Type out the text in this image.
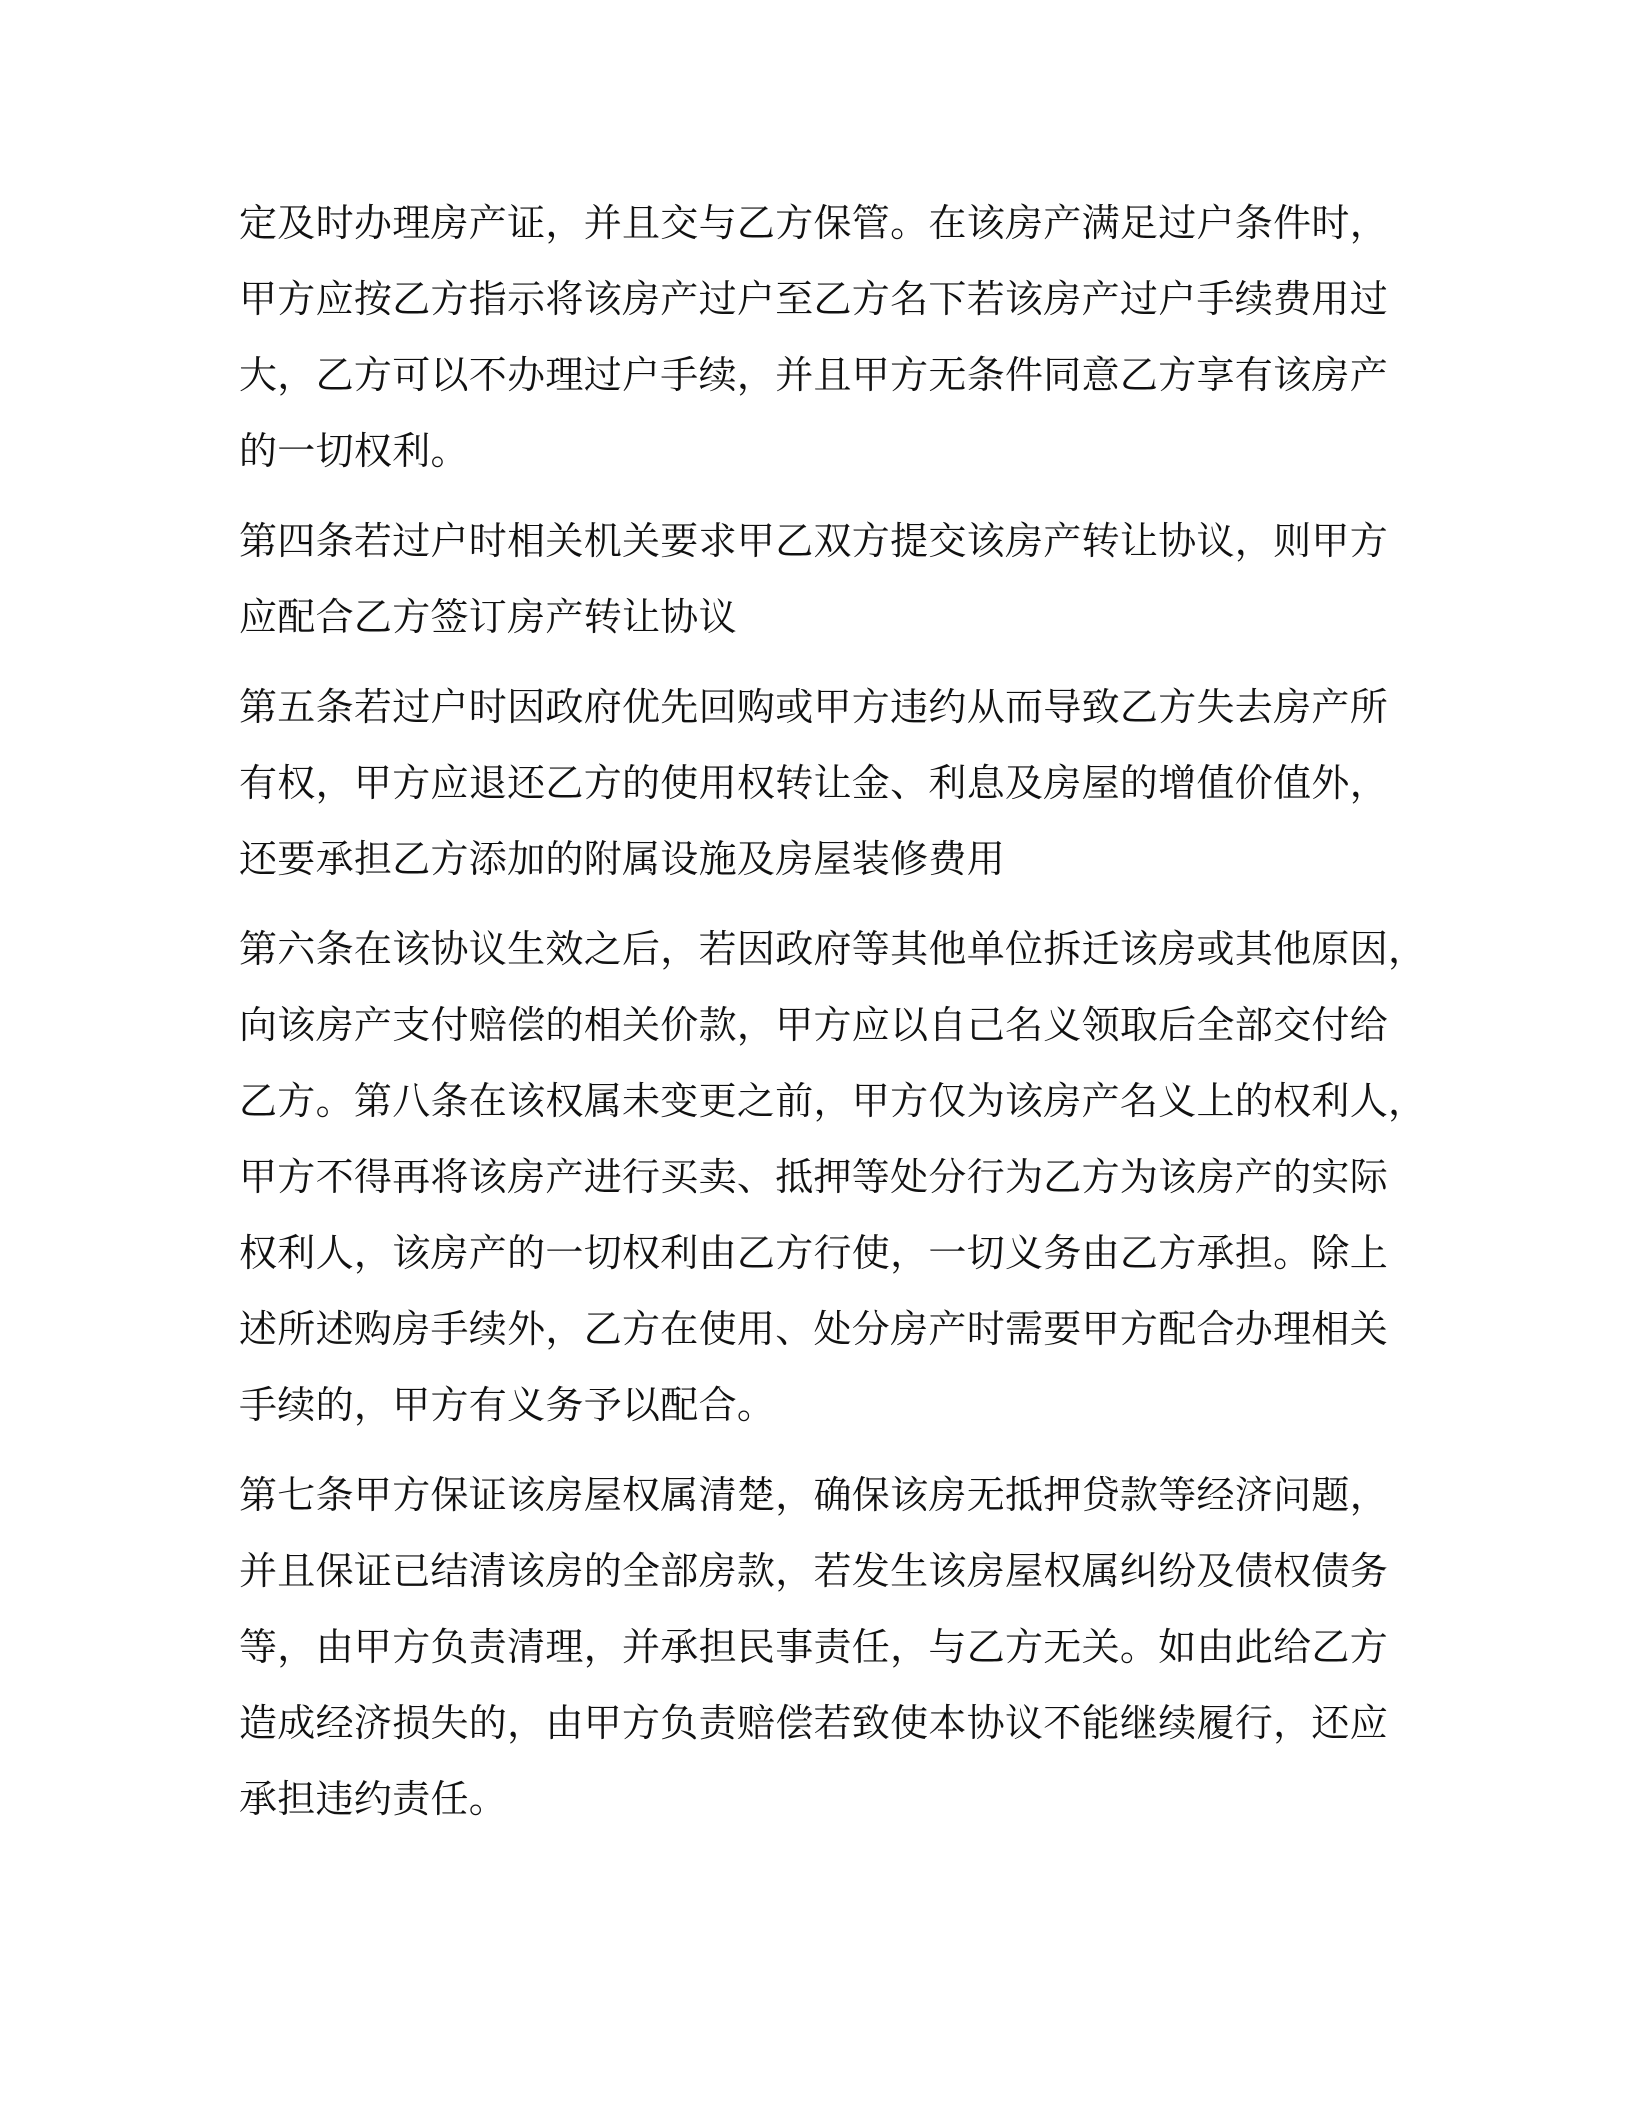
定及时办理房产证，并且交与乙方保管。在该房产满足过户条件时，
甲方应按乙方指示将该房产过户至乙方名下若该房产过户手续费用过
大，乙方可以不办理过户手续，并且甲方无条件同意乙方享有该房产
的一切权利。

第四条若过户时相关机关要求甲乙双方提交该房产转让协议，则甲方
应配合乙方签订房产转让协议

第五条若过户时因政府优先回购或甲方违约从而导致乙方失去房产所
有权，甲方应退还乙方的使用权转让金、利息及房屋的增值价值外，
还要承担乙方添加的附属设施及房屋装修费用

第六条在该协议生效之后，若因政府等其他单位拆迁该房或其他原因，
向该房产支付赔偿的相关价款，甲方应以自己名义领取后全部交付给
乙方。第八条在该权属未变更之前，甲方仅为该房产名义上的权利人，
甲方不得再将该房产进行买卖、抵押等处分行为乙方为该房产的实际
权利人，该房产的一切权利由乙方行使，一切义务由乙方承担。除上
述所述购房手续外，乙方在使用、处分房产时需要甲方配合办理相关
手续的，甲方有义务予以配合。

第七条甲方保证该房屋权属清楚，确保该房无抵押贷款等经济问题，
并且保证已结清该房的全部房款，若发生该房屋权属纠纷及债权债务
等，由甲方负责清理，并承担民事责任，与乙方无关。如由此给乙方
造成经济损失的，由甲方负责赔偿若致使本协议不能继续履行，还应
承担违约责任。
